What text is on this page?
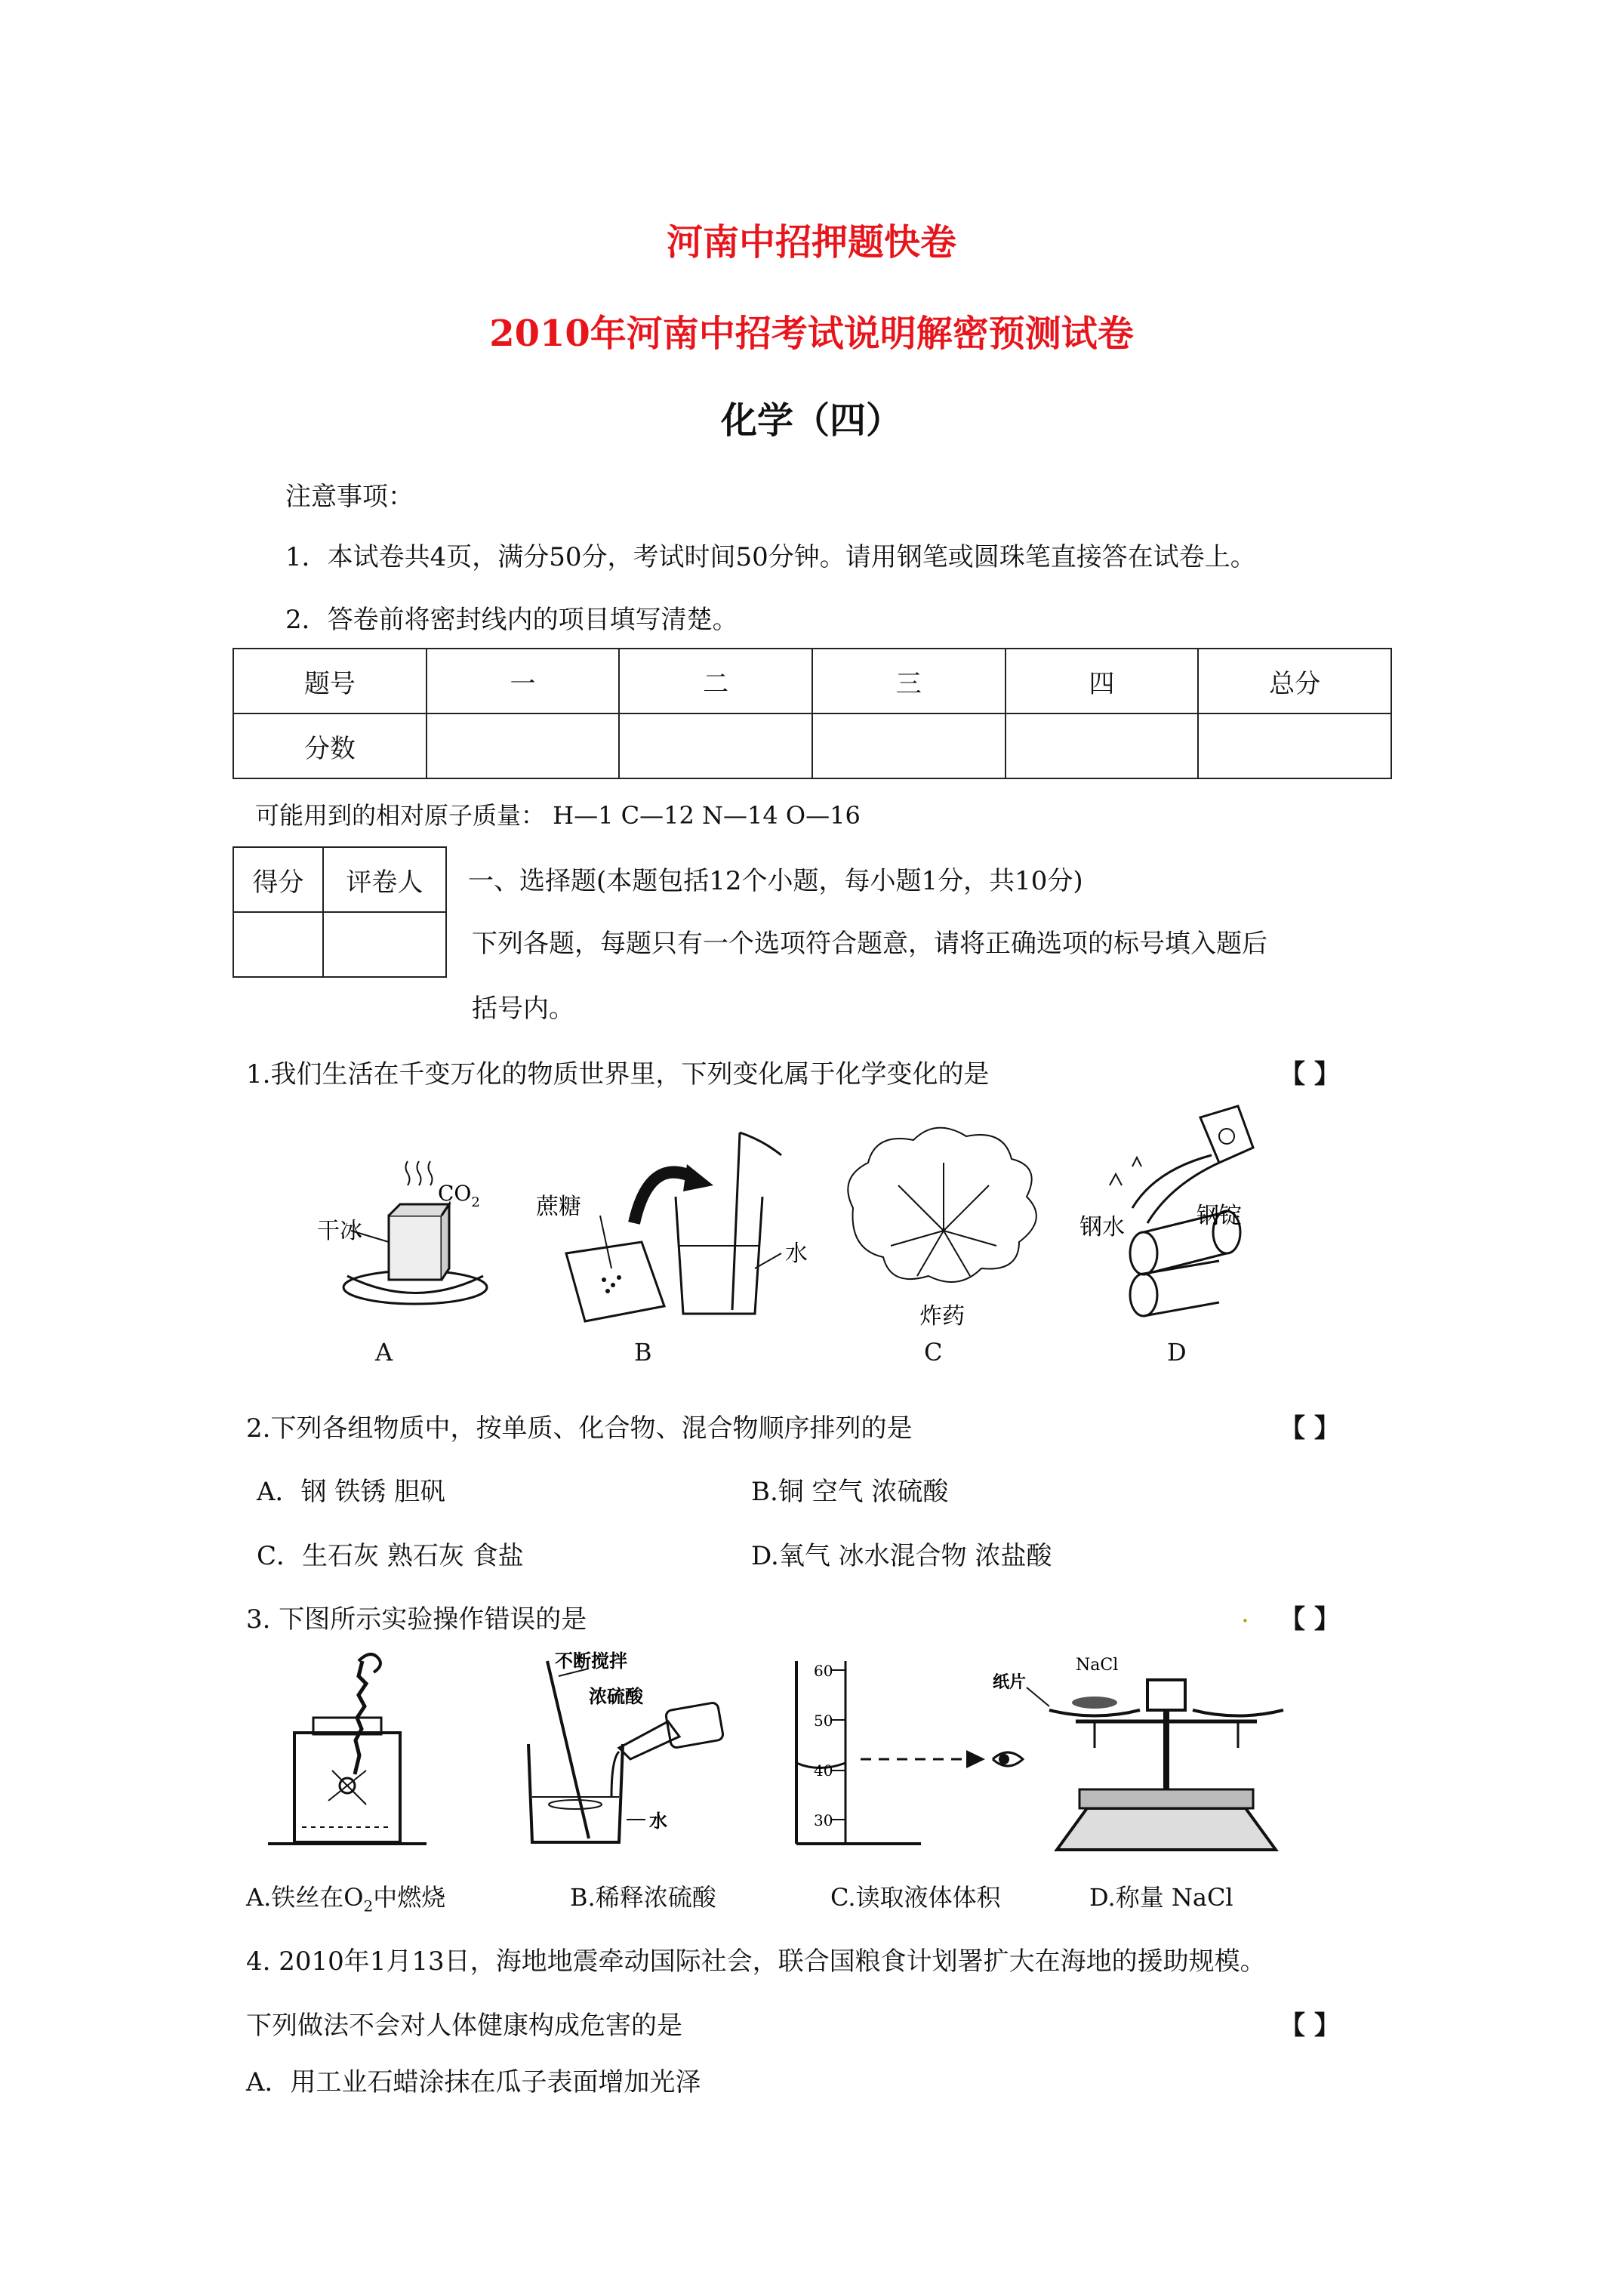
河南中招押题快卷
2010年河南中招考试说明解密预测试卷
化学（四）
注意事项：
1．本试卷共4页，满分50分，考试时间50分钟。请用钢笔或圆珠笔直接答在试卷上。
2．答卷前将密封线内的项目填写清楚。
题号	一	二	三	四	总分
分数					
可能用到的相对原子质量： H—1 C—12 N—14 O—16
得分	评卷人
	一、选择题(本题包括12个小题，每小题1分，共10分)
下列各题，每题只有一个选项符合题意，请将正确选项的标号填入题后
括号内。
1.我们生活在千变万化的物质世界里，下列变化属于化学变化的是	【 】
干冰
$CO_2$ 蔗糖
水
炸药
钢水	钢锭
A	B	C	D
2.下列各组物质中，按单质、化合物、混合物顺序排列的是	【 】
A．钢 铁锈 胆矾	B.铜 空气 浓硫酸
C．生石灰 熟石灰 食盐	D.氧气 冰水混合物 浓盐酸
3. 下图所示实验操作错误的是	. 【 】
不断搅拌
浓硫酸
水
60
50
40
30
纸片
NaCl
A.铁丝在$O_2$中燃烧	B.稀释浓硫酸	C.读取液体体积	D.称量 NaCl
4. 2010年1月13日，海地地震牵动国际社会，联合国粮食计划署扩大在海地的援助规模。
下列做法不会对人体健康构成危害的是	【 】
A．用工业石蜡涂抹在瓜子表面增加光泽
